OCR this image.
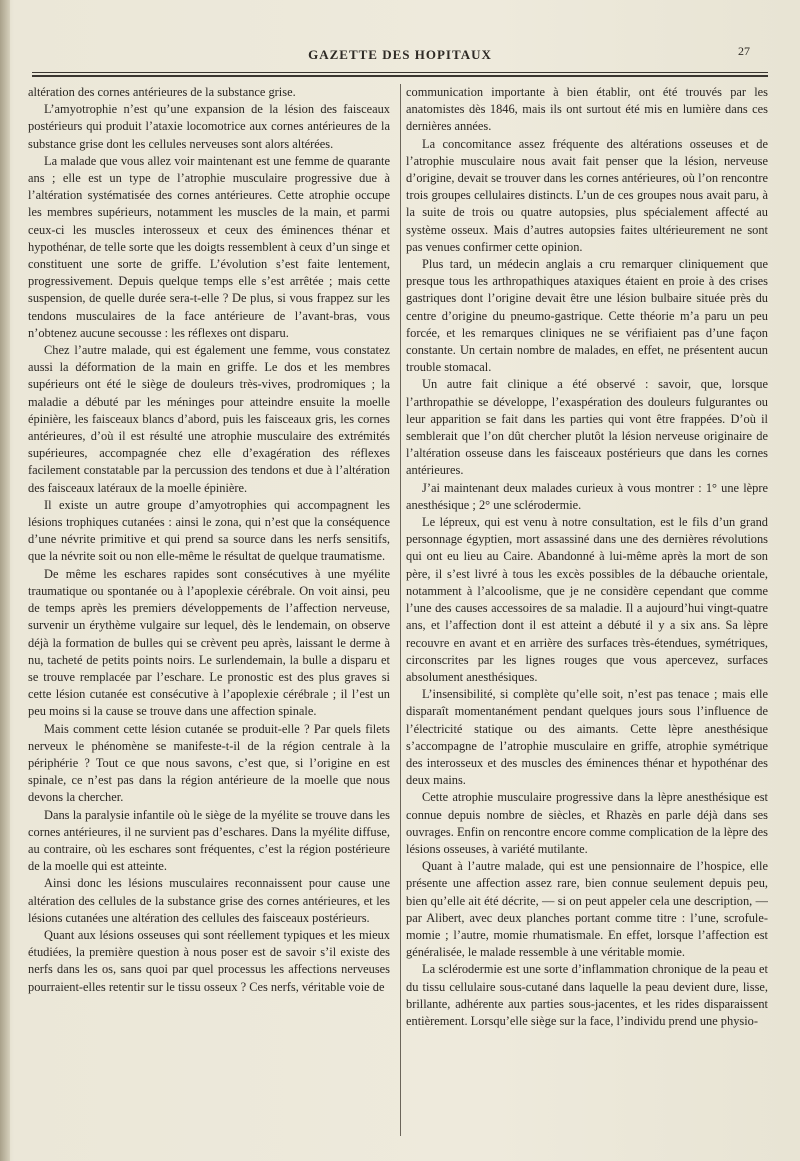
GAZETTE DES HOPITAUX	27

altération des cornes antérieures de la substance grise.

L’amyotrophie n’est qu’une expansion de la lésion des faisceaux postérieurs qui produit l’ataxie locomotrice aux cornes antérieures de la substance grise dont les cellules nerveuses sont alors altérées.

La malade que vous allez voir maintenant est une femme de quarante ans ; elle est un type de l’atrophie musculaire progressive due à l’altération systématisée des cornes antérieures. Cette atrophie occupe les membres supérieurs, notamment les muscles de la main, et parmi ceux-ci les muscles interosseux et ceux des éminences thénar et hypothénar, de telle sorte que les doigts ressemblent à ceux d’un singe et constituent une sorte de griffe. L’évolution s’est faite lentement, progressivement. Depuis quelque temps elle s’est arrêtée ; mais cette suspension, de quelle durée sera-t-elle ? De plus, si vous frappez sur les tendons musculaires de la face antérieure de l’avant-bras, vous n’obtenez aucune secousse : les réflexes ont disparu.

Chez l’autre malade, qui est également une femme, vous constatez aussi la déformation de la main en griffe. Le dos et les membres supérieurs ont été le siège de douleurs très-vives, prodromiques ; la maladie a débuté par les méninges pour atteindre ensuite la moelle épinière, les faisceaux blancs d’abord, puis les faisceaux gris, les cornes antérieures, d’où il est résulté une atrophie musculaire des extrémités supérieures, accompagnée chez elle d’exagération des réflexes facilement constatable par la percussion des tendons et due à l’altération des faisceaux latéraux de la moelle épinière.

Il existe un autre groupe d’amyotrophies qui accompagnent les lésions trophiques cutanées : ainsi le zona, qui n’est que la conséquence d’une névrite primitive et qui prend sa source dans les nerfs sensitifs, que la névrite soit ou non elle-même le résultat de quelque traumatisme.

De même les eschares rapides sont consécutives à une myélite traumatique ou spontanée ou à l’apoplexie cérébrale. On voit ainsi, peu de temps après les premiers développements de l’affection nerveuse, survenir un érythème vulgaire sur lequel, dès le lendemain, on observe déjà la formation de bulles qui se crèvent peu après, laissant le derme à nu, tacheté de petits points noirs. Le surlendemain, la bulle a disparu et se trouve remplacée par l’eschare. Le pronostic est des plus graves si cette lésion cutanée est consécutive à l’apoplexie cérébrale ; il l’est un peu moins si la cause se trouve dans une affection spinale.

Mais comment cette lésion cutanée se produit-elle ? Par quels filets nerveux le phénomène se manifeste-t-il de la région centrale à la périphérie ? Tout ce que nous savons, c’est que, si l’origine en est spinale, ce n’est pas dans la région antérieure de la moelle que nous devons la chercher.

Dans la paralysie infantile où le siège de la myélite se trouve dans les cornes antérieures, il ne survient pas d’eschares. Dans la myélite diffuse, au contraire, où les eschares sont fréquentes, c’est la région postérieure de la moelle qui est atteinte.

Ainsi donc les lésions musculaires reconnaissent pour cause une altération des cellules de la substance grise des cornes antérieures, et les lésions cutanées une altération des cellules des faisceaux postérieurs.

Quant aux lésions osseuses qui sont réellement typiques et les mieux étudiées, la première question à nous poser est de savoir s’il existe des nerfs dans les os, sans quoi par quel processus les affections nerveuses pourraient-elles retentir sur le tissu osseux ? Ces nerfs, véritable voie de

communication importante à bien établir, ont été trouvés par les anatomistes dès 1846, mais ils ont surtout été mis en lumière dans ces dernières années.

La concomitance assez fréquente des altérations osseuses et de l’atrophie musculaire nous avait fait penser que la lésion, nerveuse d’origine, devait se trouver dans les cornes antérieures, où l’on rencontre trois groupes cellulaires distincts. L’un de ces groupes nous avait paru, à la suite de trois ou quatre autopsies, plus spécialement affecté au système osseux. Mais d’autres autopsies faites ultérieurement ne sont pas venues confirmer cette opinion.

Plus tard, un médecin anglais a cru remarquer cliniquement que presque tous les arthropathiques ataxiques étaient en proie à des crises gastriques dont l’origine devait être une lésion bulbaire située près du centre d’origine du pneumo-gastrique. Cette théorie m’a paru un peu forcée, et les remarques cliniques ne se vérifiaient pas d’une façon constante. Un certain nombre de malades, en effet, ne présentent aucun trouble stomacal.

Un autre fait clinique a été observé : savoir, que, lorsque l’arthropathie se développe, l’exaspération des douleurs fulgurantes ou leur apparition se fait dans les parties qui vont être frappées. D’où il semblerait que l’on dût chercher plutôt la lésion nerveuse originaire de l’altération osseuse dans les faisceaux postérieurs que dans les cornes antérieures.

J’ai maintenant deux malades curieux à vous montrer : 1° une lèpre anesthésique ; 2° une sclérodermie.

Le lépreux, qui est venu à notre consultation, est le fils d’un grand personnage égyptien, mort assassiné dans une des dernières révolutions qui ont eu lieu au Caire. Abandonné à lui-même après la mort de son père, il s’est livré à tous les excès possibles de la débauche orientale, notamment à l’alcoolisme, que je ne considère cependant que comme l’une des causes accessoires de sa maladie. Il a aujourd’hui vingt-quatre ans, et l’affection dont il est atteint a débuté il y a six ans. Sa lèpre recouvre en avant et en arrière des surfaces très-étendues, symétriques, circonscrites par les lignes rouges que vous apercevez, surfaces absolument anesthésiques.

L’insensibilité, si complète qu’elle soit, n’est pas tenace ; mais elle disparaît momentanément pendant quelques jours sous l’influence de l’électricité statique ou des aimants. Cette lèpre anesthésique s’accompagne de l’atrophie musculaire en griffe, atrophie symétrique des interosseux et des muscles des éminences thénar et hypothénar des deux mains.

Cette atrophie musculaire progressive dans la lèpre anesthésique est connue depuis nombre de siècles, et Rhazès en parle déjà dans ses ouvrages. Enfin on rencontre encore comme complication de la lèpre des lésions osseuses, à variété mutilante.

Quant à l’autre malade, qui est une pensionnaire de l’hospice, elle présente une affection assez rare, bien connue seulement depuis peu, bien qu’elle ait été décrite, — si on peut appeler cela une description, — par Alibert, avec deux planches portant comme titre : l’une, scrofule-momie ; l’autre, momie rhumatismale. En effet, lorsque l’affection est généralisée, le malade ressemble à une véritable momie.

La sclérodermie est une sorte d’inflammation chronique de la peau et du tissu cellulaire sous-cutané dans laquelle la peau devient dure, lisse, brillante, adhérente aux parties sous-jacentes, et les rides disparaissent entièrement. Lorsqu’elle siège sur la face, l’individu prend une physio-
